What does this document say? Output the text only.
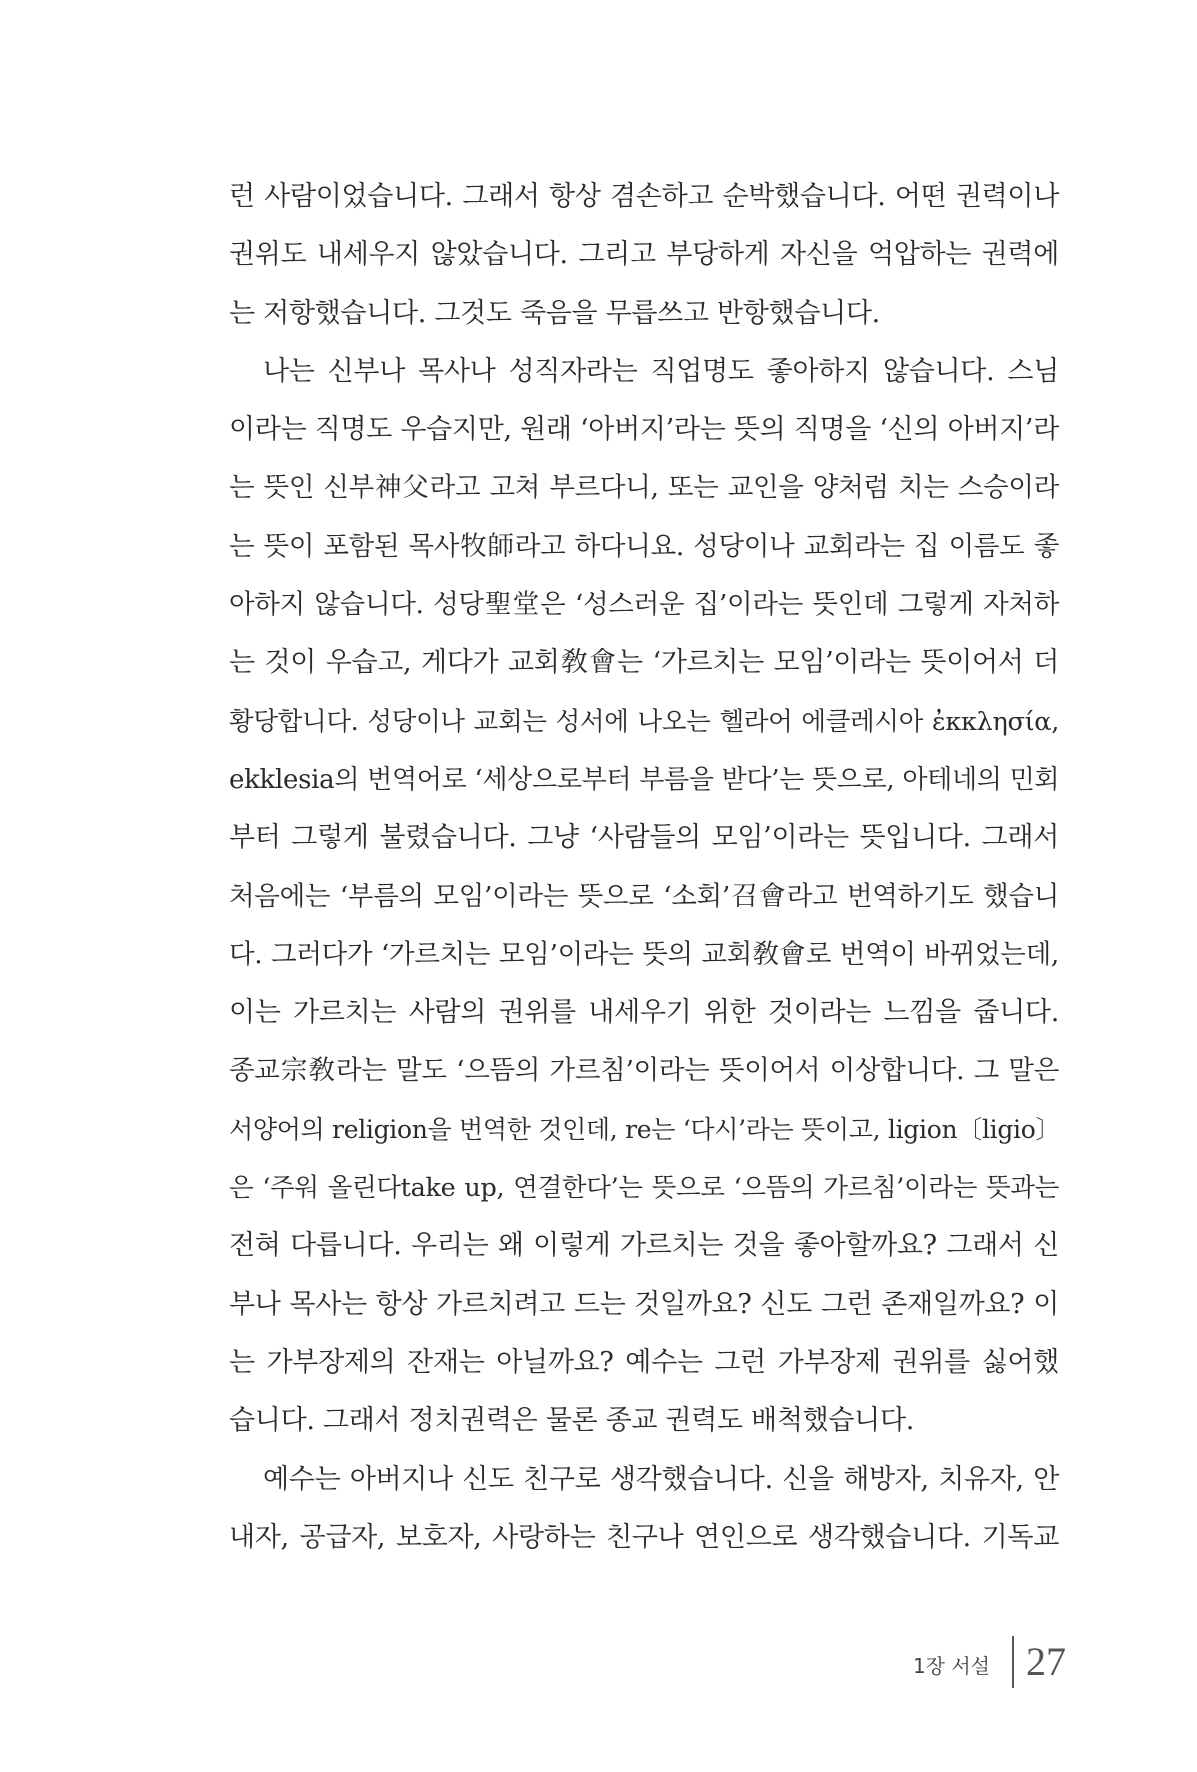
런 사람이었습니다. 그래서 항상 겸손하고 순박했습니다. 어떤 권력이나
권위도 내세우지 않았습니다. 그리고 부당하게 자신을 억압하는 권력에
는 저항했습니다. 그것도 죽음을 무릅쓰고 반항했습니다.
나는 신부나 목사나 성직자라는 직업명도 좋아하지 않습니다. 스님
이라는 직명도 우습지만, 원래 ‘아버지’라는 뜻의 직명을 ‘신의 아버지’라
는 뜻인 신부神父라고 고쳐 부르다니, 또는 교인을 양처럼 치는 스승이라
는 뜻이 포함된 목사牧師라고 하다니요. 성당이나 교회라는 집 이름도 좋
아하지 않습니다. 성당聖堂은 ‘성스러운 집’이라는 뜻인데 그렇게 자처하
는 것이 우습고, 게다가 교회敎會는 ‘가르치는 모임’이라는 뜻이어서 더
황당합니다. 성당이나 교회는 성서에 나오는 헬라어 에클레시아 ἐκκλησία,
ekklesia의 번역어로 ‘세상으로부터 부름을 받다’는 뜻으로, 아테네의 민회
부터 그렇게 불렸습니다. 그냥 ‘사람들의 모임’이라는 뜻입니다. 그래서
처음에는 ‘부름의 모임’이라는 뜻으로 ‘소회’召會라고 번역하기도 했습니
다. 그러다가 ‘가르치는 모임’이라는 뜻의 교회敎會로 번역이 바뀌었는데,
이는 가르치는 사람의 권위를 내세우기 위한 것이라는 느낌을 줍니다.
종교宗敎라는 말도 ‘으뜸의 가르침’이라는 뜻이어서 이상합니다. 그 말은
서양어의 religion을 번역한 것인데, re는 ‘다시’라는 뜻이고, ligion〔ligio〕
은 ‘주워 올린다take up, 연결한다’는 뜻으로 ‘으뜸의 가르침’이라는 뜻과는
전혀 다릅니다. 우리는 왜 이렇게 가르치는 것을 좋아할까요? 그래서 신
부나 목사는 항상 가르치려고 드는 것일까요? 신도 그런 존재일까요? 이
는 가부장제의 잔재는 아닐까요? 예수는 그런 가부장제 권위를 싫어했
습니다. 그래서 정치권력은 물론 종교 권력도 배척했습니다.
예수는 아버지나 신도 친구로 생각했습니다. 신을 해방자, 치유자, 안
내자, 공급자, 보호자, 사랑하는 친구나 연인으로 생각했습니다. 기독교
1장 서설 27
